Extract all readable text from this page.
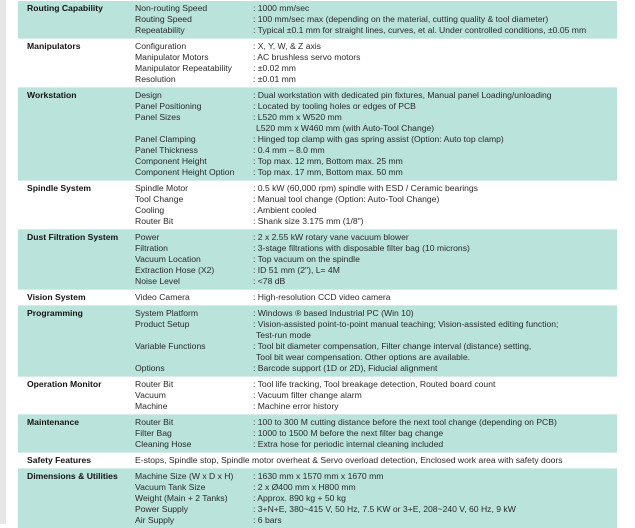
Routing Capability	Non-routing Speed	: 1000 mm/sec
Routing Speed	: 100 mm/sec max (depending on the material, cutting quality & tool diameter)
Repeatability	: Typical ±0.1 mm for straight lines, curves, et al. Under controlled conditions, ±0.05 mm
Manipulators	Configuration	: X, Y, W, & Z axis
Manipulator Motors	: AC brushless servo motors
Manipulator Repeatability	: ±0.02 mm
Resolution	: ±0.01 mm
Workstation	Design	: Dual workstation with dedicated pin fixtures, Manual panel Loading/unloading
Panel Positioning	: Located by tooling holes or edges of PCB
Panel Sizes	: L520 mm x W520 mm
L520 mm x W460 mm (with Auto-Tool Change)
Panel Clamping	: Hinged top clamp with gas spring assist (Option: Auto top clamp)
Panel Thickness	: 0.4 mm – 8.0 mm
Component Height	: Top max. 12 mm, Bottom max. 25 mm
Component Height Option	: Top max. 17 mm, Bottom max. 50 mm
Spindle System	Spindle Motor	: 0.5 kW (60,000 rpm) spindle with ESD / Ceramic bearings
Tool Change	: Manual tool change (Option: Auto-Tool Change)
Cooling	: Ambient cooled
Router Bit	: Shank size 3.175 mm (1/8")
Dust Filtration System	Power	: 2 x 2.55 kW rotary vane vacuum blower
Filtration	: 3-stage filtrations with disposable filter bag (10 microns)
Vacuum Location	: Top vacuum on the spindle
Extraction Hose (X2)	: ID 51 mm (2"), L= 4M
Noise Level	: <78 dB
Vision System	Video Camera	: High-resolution CCD video camera
Programming	System Platform	: Windows ® based Industrial PC (Win 10)
Product Setup	: Vision-assisted point-to-point manual teaching; Vision-assisted editing function;
Test-run mode
Variable Functions	: Tool bit diameter compensation, Filter change interval (distance) setting,
Tool bit wear compensation. Other options are available.
Options	: Barcode support (1D or 2D), Fiducial alignment
Operation Monitor	Router Bit	: Tool life tracking, Tool breakage detection, Routed board count
Vacuum	: Vacuum filter change alarm
Machine	: Machine error history
Maintenance	Router Bit	: 100 to 300 M cutting distance before the next tool change (depending on PCB)
Filter Bag	: 1000 to 1500 M before the next filter bag change
Cleaning Hose	: Extra hose for periodic internal cleaning included
Safety Features	E-stops, Spindle stop, Spindle motor overheat & Servo overload detection, Enclosed work area with safety doors
Dimensions & Utilities	Machine Size (W x D x H)	: 1630 mm x 1570 mm x 1670 mm
Vacuum Tank Size	: 2 x Ø400 mm x H800 mm
Weight (Main + 2 Tanks)	: Approx. 890 kg + 50 kg
Power Supply	: 3+N+E, 380~415 V, 50 Hz, 7.5 KW or 3+E, 208~240 V, 60 Hz, 9 kW
Air Supply	: 6 bars
